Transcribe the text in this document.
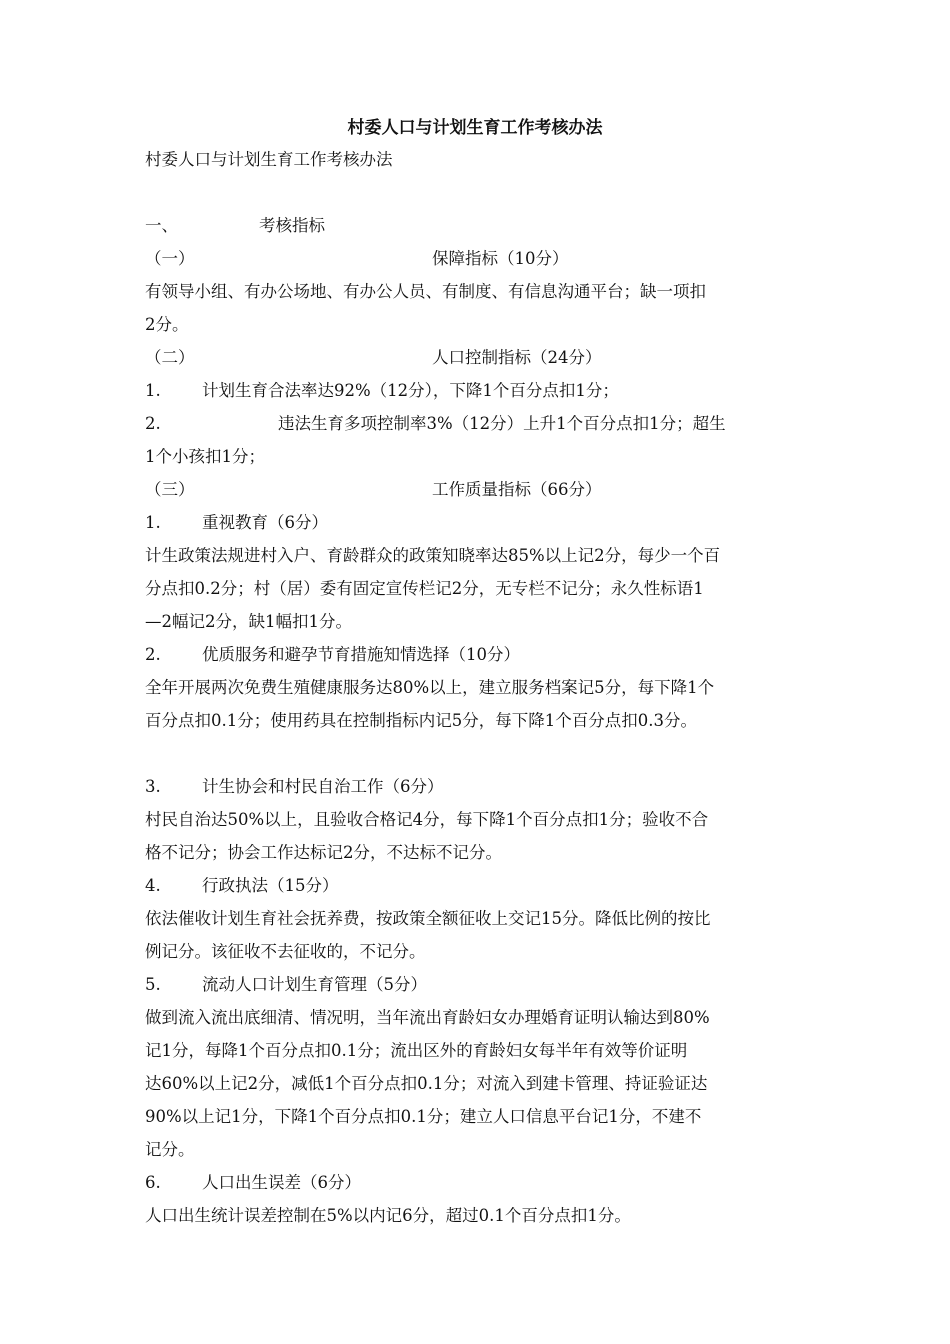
村委人口与计划生育工作考核办法
村委人口与计划生育工作考核办法
一、	考核指标
（一）	保障指标（10分）
有领导小组、有办公场地、有办公人员、有制度、有信息沟通平台；缺一项扣
2分。
（二）	人口控制指标（24分）
1.	计划生育合法率达92%（12分），下降1个百分点扣1分；
2.	违法生育多项控制率3%（12分）上升1个百分点扣1分；超生
1个小孩扣1分；
（三）	工作质量指标（66分）
1.	重视教育（6分）
计生政策法规进村入户、育龄群众的政策知晓率达85%以上记2分，每少一个百
分点扣0.2分；村（居）委有固定宣传栏记2分，无专栏不记分；永久性标语1
—2幅记2分，缺1幅扣1分。
2.	优质服务和避孕节育措施知情选择（10分）
全年开展两次免费生殖健康服务达80%以上，建立服务档案记5分，每下降1个
百分点扣0.1分；使用药具在控制指标内记5分，每下降1个百分点扣0.3分。
3.	计生协会和村民自治工作（6分）
村民自治达50%以上，且验收合格记4分，每下降1个百分点扣1分；验收不合
格不记分；协会工作达标记2分，不达标不记分。
4.	行政执法（15分）
依法催收计划生育社会抚养费，按政策全额征收上交记15分。降低比例的按比
例记分。该征收不去征收的，不记分。
5.	流动人口计划生育管理（5分）
做到流入流出底细清、情况明，当年流出育龄妇女办理婚育证明认输达到80%
记1分，每降1个百分点扣0.1分；流出区外的育龄妇女每半年有效等价证明
达60%以上记2分，减低1个百分点扣0.1分；对流入到建卡管理、持证验证达
90%以上记1分，下降1个百分点扣0.1分；建立人口信息平台记1分，不建不
记分。
6.	人口出生误差（6分）
人口出生统计误差控制在5%以内记6分，超过0.1个百分点扣1分。
